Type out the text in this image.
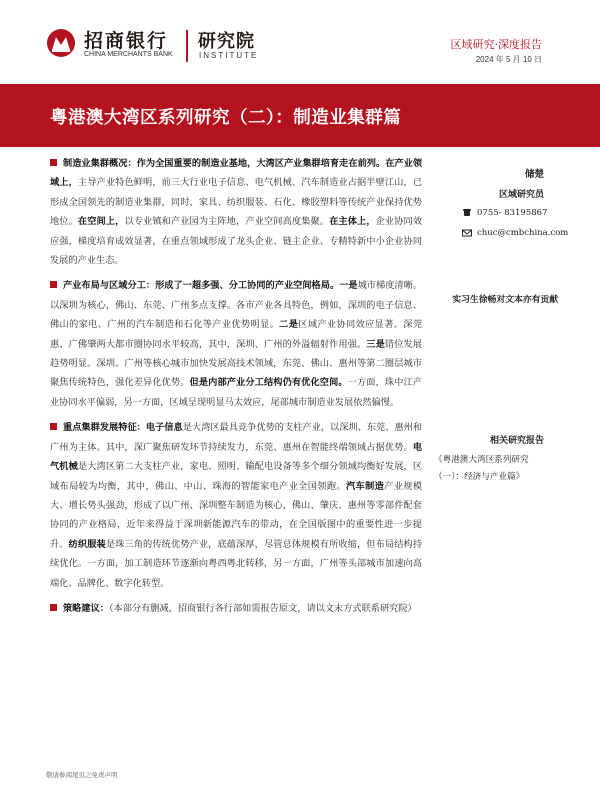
招商银行
CHINA MERCHANTS BANK
研究院
INSTITUTE
区域研究·深度报告
2024 年 5 月 10 日
粤港澳大湾区系列研究（二）：制造业集群篇
制造业集群概况：作为全国重要的制造业基地，大湾区产业集群培育走在前列。在产业领域上，主导产业特色鲜明，前三大行业电子信息、电气机械、汽车制造业占据半壁江山，已形成全国领先的制造业集群，同时，家具、纺织服装、石化、橡胶塑料等传统产业保持优势地位。在空间上，以专业镇和产业园为主阵地，产业空间高度集聚。在主体上，企业协同效应强，梯度培育成效显著，在重点领域形成了龙头企业、链主企业、专精特新中小企业协同发展的产业生态。
产业布局与区域分工：形成了一超多强、分工协同的产业空间格局。一是城市梯度清晰。以深圳为核心，佛山、东莞、广州多点支撑。各市产业各具特色，例如，深圳的电子信息、佛山的家电、广州的汽车制造和石化等产业优势明显。二是区域产业协同效应显著。深莞惠、广佛肇两大都市圈协同水平较高，其中，深圳、广州的外溢辐射作用强。三是错位发展趋势明显。深圳、广州等核心城市加快发展高技术领域，东莞、佛山、惠州等第二圈层城市聚焦传统特色，强化差异化优势。但是内部产业分工结构仍有优化空间。一方面，珠中江产业协同水平偏弱，另一方面，区域呈现明显马太效应，尾部城市制造业发展依然偏慢。
重点集群发展特征：电子信息是大湾区最具竞争优势的支柱产业，以深圳、东莞、惠州和广州为主体。其中，深广聚焦研发环节持续发力，东莞、惠州在智能终端领域占据优势。电气机械是大湾区第二大支柱产业，家电、照明、输配电设备等多个细分领域均衡好发展，区域布局较为均衡，其中，佛山、中山、珠海的智能家电产业全国领跑。汽车制造产业规模大、增长势头强劲，形成了以广州、深圳整车制造为核心，佛山、肇庆、惠州等零部件配套协同的产业格局，近年来得益于深圳新能源汽车的带动，在全国版图中的重要性进一步提升。纺织服装是珠三角的传统优势产业，底蕴深厚，尽管总体规模有所收缩，但布局结构持续优化。一方面，加工制造环节逐渐向粤西粤北转移，另一方面，广州等头部城市加速向高端化、品牌化、数字化转型。
策略建议：（本部分有删减，招商银行各行部如需报告原文，请以文末方式联系研究院）
储楚
区域研究员
0755- 83195867
chuc@cmbchina.com
实习生徐畅对文本亦有贡献
相关研究报告
《粤港澳大湾区系列研究（一）：经济与产业篇》
敬请参阅尾页之免责声明
